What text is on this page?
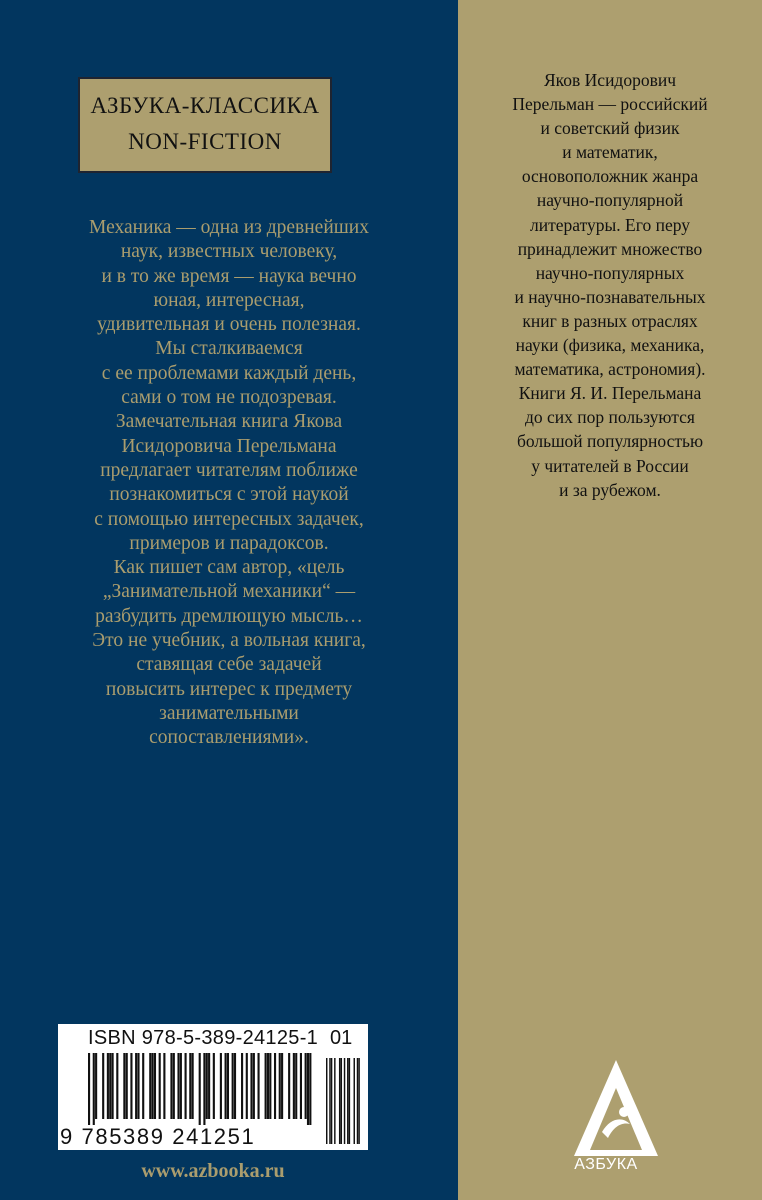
АЗБУКА-КЛАССИКА
NON-FICTION
Механика — одна из древнейших
наук, известных человеку,
и в то же время — наука вечно
юная, интересная,
удивительная и очень полезная.
Мы сталкиваемся
с ее проблемами каждый день,
сами о том не подозревая.
Замечательная книга Якова
Исидоровича Перельмана
предлагает читателям поближе
познакомиться с этой наукой
с помощью интересных задачек,
примеров и парадоксов.
Как пишет сам автор, «цель
„Занимательной механики“ —
разбудить дремлющую мысль…
Это не учебник, а вольная книга,
ставящая себе задачей
повысить интерес к предмету
занимательными
сопоставлениями».
ISBN 978-5-389-24125-1 01
9 785389 241251
www.azbooka.ru
Яков Исидорович
Перельман — российский
и советский физик
и математик,
основоположник жанра
научно-популярной
литературы. Его перу
принадлежит множество
научно-популярных
и научно-познавательных
книг в разных отраслях
науки (физика, механика,
математика, астрономия).
Книги Я. И. Перельмана
до сих пор пользуются
большой популярностью
у читателей в России
и за рубежом.
АЗБУКА
